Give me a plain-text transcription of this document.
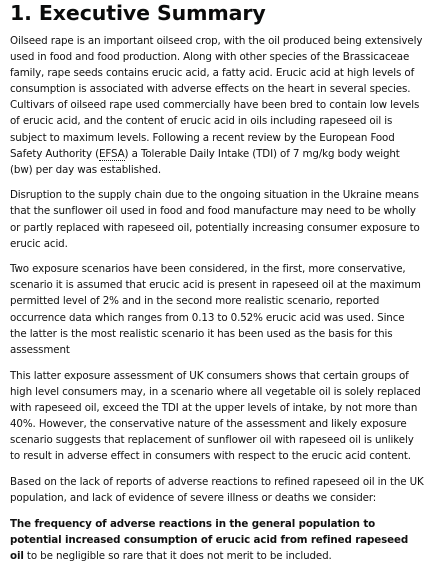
1. Executive Summary

Oilseed rape is an important oilseed crop, with the oil produced being extensively used in food and food production. Along with other species of the Brassicaceae family, rape seeds contains erucic acid, a fatty acid. Erucic acid at high levels of consumption is associated with adverse effects on the heart in several species. Cultivars of oilseed rape used commercially have been bred to contain low levels of erucic acid, and the content of erucic acid in oils including rapeseed oil is subject to maximum levels. Following a recent review by the European Food Safety Authority (EFSA) a Tolerable Daily Intake (TDI) of 7 mg/kg body weight (bw) per day was established.

Disruption to the supply chain due to the ongoing situation in the Ukraine means that the sunflower oil used in food and food manufacture may need to be wholly or partly replaced with rapeseed oil, potentially increasing consumer exposure to erucic acid.

Two exposure scenarios have been considered, in the first, more conservative, scenario it is assumed that erucic acid is present in rapeseed oil at the maximum permitted level of 2% and in the second more realistic scenario, reported occurrence data which ranges from 0.13 to 0.52% erucic acid was used. Since the latter is the most realistic scenario it has been used as the basis for this assessment

This latter exposure assessment of UK consumers shows that certain groups of high level consumers may, in a scenario where all vegetable oil is solely replaced with rapeseed oil, exceed the TDI at the upper levels of intake, by not more than 40%. However, the conservative nature of the assessment and likely exposure scenario suggests that replacement of sunflower oil with rapeseed oil is unlikely to result in adverse effect in consumers with respect to the erucic acid content.

Based on the lack of reports of adverse reactions to refined rapeseed oil in the UK population, and lack of evidence of severe illness or deaths we consider:

The frequency of adverse reactions in the general population to potential increased consumption of erucic acid from refined rapeseed oil to be negligible so rare that it does not merit to be included.
